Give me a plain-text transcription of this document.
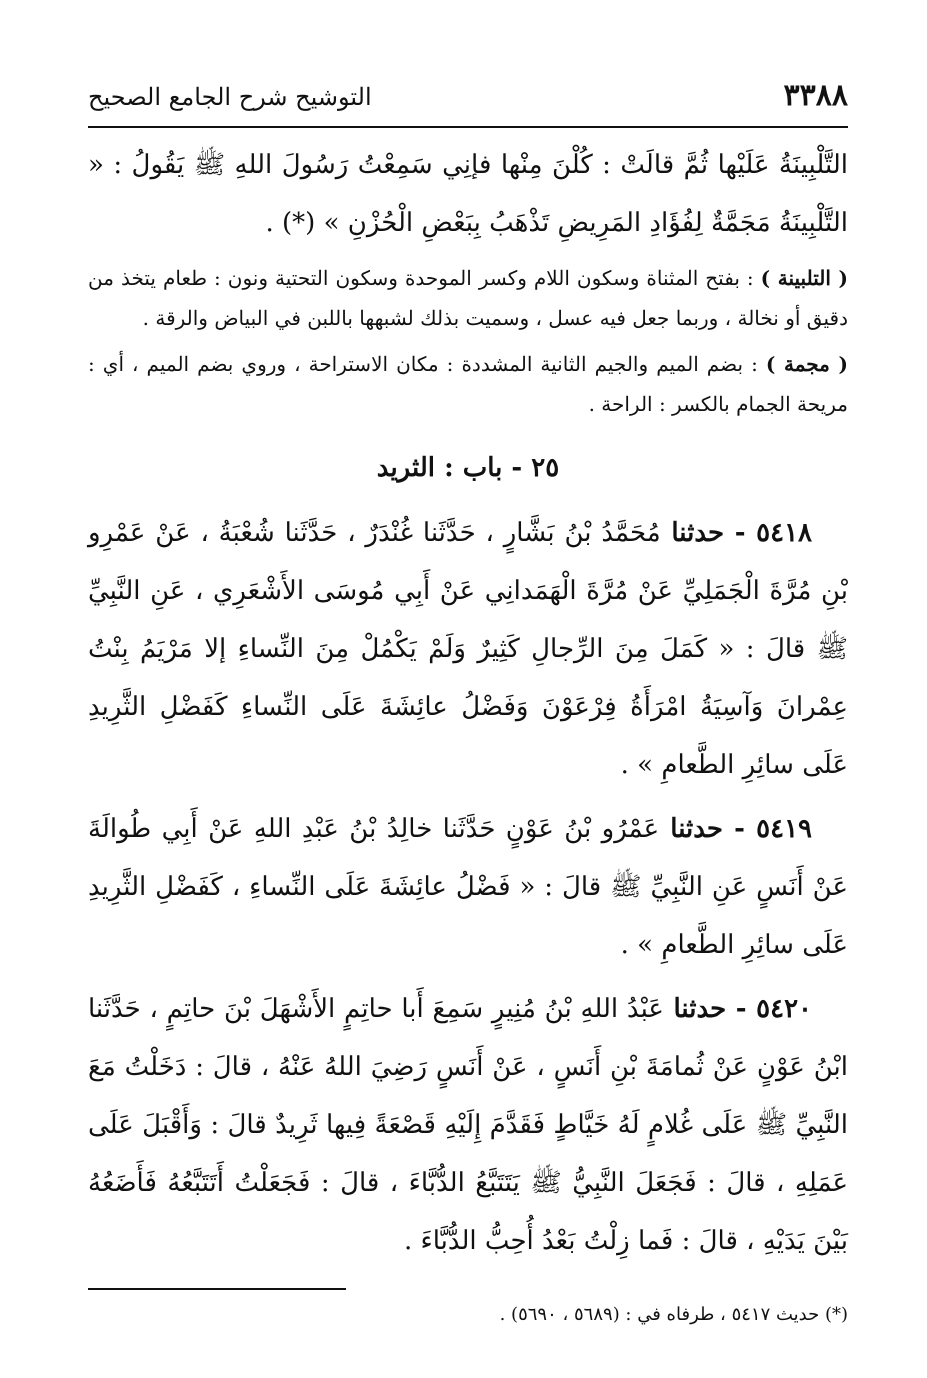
٣٣٨٨
التوشيح شرح الجامع الصحيح

التَّلْبِينَةُ عَلَيْها ثُمَّ قالَتْ : كُلْنَ مِنْها فإنِي سَمِعْتُ رَسُولَ اللهِ ﷺ يَقُولُ : « التَّلْبِينَةُ مَجَمَّةٌ لِفُؤَادِ المَرِيضِ تَذْهَبُ بِبَعْضِ الْحُزْنِ » (*) .

( التلبينة ) : بفتح المثناة وسكون اللام وكسر الموحدة وسكون التحتية ونون : طعام يتخذ من دقيق أو نخالة ، وربما جعل فيه عسل ، وسميت بذلك لشبهها باللبن في البياض والرقة .

( مجمة ) : بضم الميم والجيم الثانية المشددة : مكان الاستراحة ، وروي بضم الميم ، أي : مريحة الجمام بالكسر : الراحة .

٢٥ - باب : الثريد

٥٤١٨ - حدثنا مُحَمَّدُ بْنُ بَشَّارٍ ، حَدَّثَنا غُنْدَرٌ ، حَدَّثَنا شُعْبَةُ ، عَنْ عَمْرِو بْنِ مُرَّةَ الْجَمَلِيِّ عَنْ مُرَّةَ الْهَمَدانِي عَنْ أَبِي مُوسَى الأَشْعَرِي ، عَنِ النَّبِيِّ ﷺ قالَ : « كَمَلَ مِنَ الرِّجالِ كَثِيرٌ وَلَمْ يَكْمُلْ مِنَ النِّساءِ إلا مَرْيَمُ بِنْتُ عِمْرانَ وَآسِيَةُ امْرَأَةُ فِرْعَوْنَ وَفَضْلُ عائِشَةَ عَلَى النِّساءِ كَفَضْلِ الثَّرِيدِ عَلَى سائِرِ الطَّعامِ » .

٥٤١٩ - حدثنا عَمْرُو بْنُ عَوْنٍ حَدَّثَنا خالِدُ بْنُ عَبْدِ اللهِ عَنْ أَبِي طُوالَةَ عَنْ أَنَسٍ عَنِ النَّبِيِّ ﷺ قالَ : « فَضْلُ عائِشَةَ عَلَى النِّساءِ ، كَفَضْلِ الثَّرِيدِ عَلَى سائِرِ الطَّعامِ » .

٥٤٢٠ - حدثنا عَبْدُ اللهِ بْنُ مُنِيرٍ سَمِعَ أَبا حاتِمٍ الأَشْهَلَ بْنَ حاتِمٍ ، حَدَّثَنا ابْنُ عَوْنٍ عَنْ ثُمامَةَ بْنِ أَنَسٍ ، عَنْ أَنَسٍ رَضِيَ اللهُ عَنْهُ ، قالَ : دَخَلْتُ مَعَ النَّبِيِّ ﷺ عَلَى غُلامٍ لَهُ خَيَّاطٍ فَقَدَّمَ إِلَيْهِ قَصْعَةً فِيها ثَرِيدٌ قالَ : وَأَقْبَلَ عَلَى عَمَلِهِ ، قالَ : فَجَعَلَ النَّبِيُّ ﷺ يَتَتَبَّعُ الدُّبَّاءَ ، قالَ : فَجَعَلْتُ أَتَتَبَّعُهُ فَأَضَعُهُ بَيْنَ يَدَيْهِ ، قالَ : فَما زِلْتُ بَعْدُ أُحِبُّ الدُّبَّاءَ .

(*) حديث ٥٤١٧ ، طرفاه في : (٥٦٨٩ ، ٥٦٩٠) .
